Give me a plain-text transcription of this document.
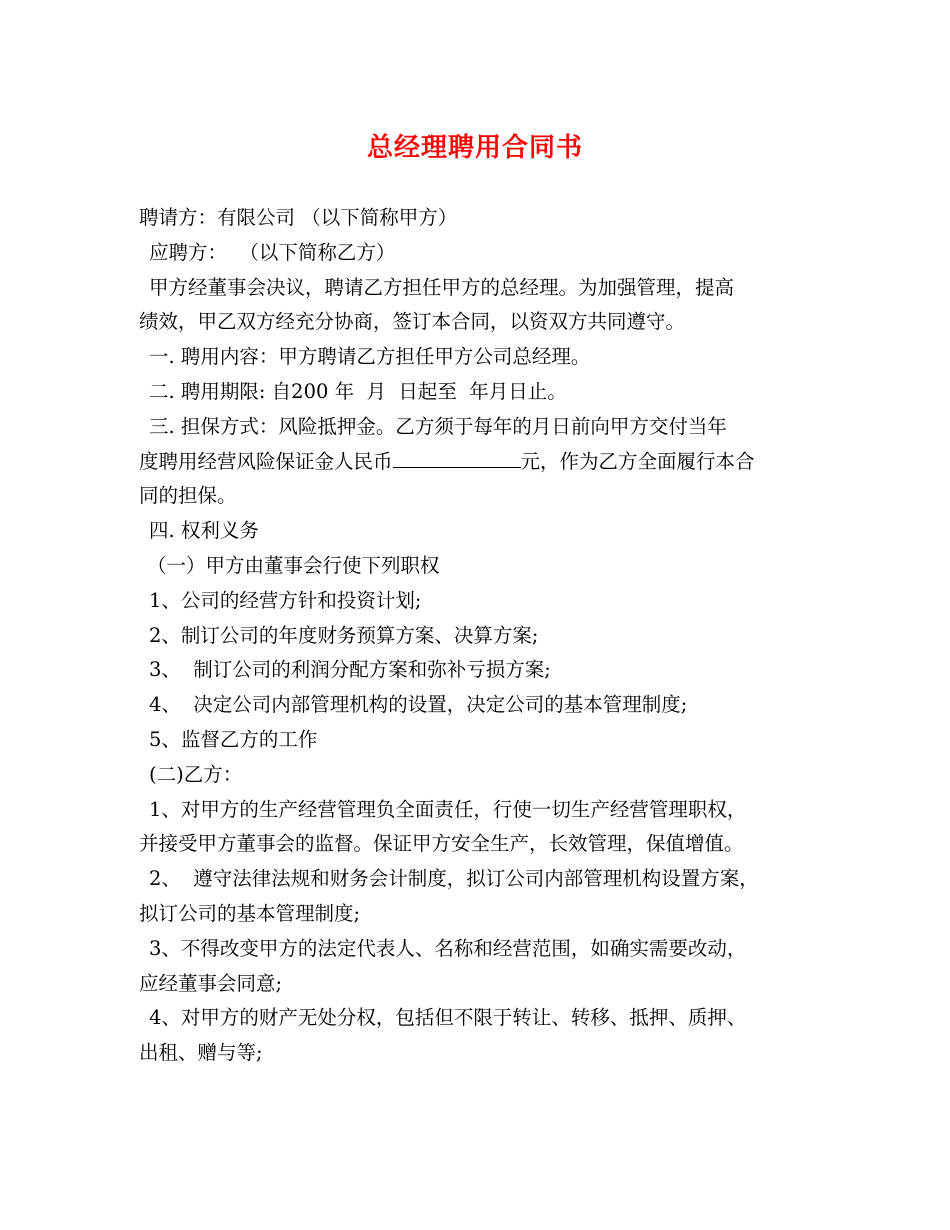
总经理聘用合同书
聘请方：有限公司 （以下简称甲方）
应聘方：  （以下简称乙方）
甲方经董事会决议，聘请乙方担任甲方的总经理。为加强管理，提高
绩效，甲乙双方经充分协商，签订本合同，以资双方共同遵守。
一. 聘用内容：甲方聘请乙方担任甲方公司总经理。
二. 聘用期限: 自200 年  月  日起至  年月日止。
三. 担保方式：风险抵押金。乙方须于每年的月日前向甲方交付当年
度聘用经营风险保证金人民币	元，作为乙方全面履行本合
同的担保。
四. 权利义务
（一）甲方由董事会行使下列职权
1、公司的经营方针和投资计划;
2、制订公司的年度财务预算方案、决算方案;
3、  制订公司的利润分配方案和弥补亏损方案;
4、  决定公司内部管理机构的设置，决定公司的基本管理制度;
5、监督乙方的工作
(二)乙方：
1、对甲方的生产经营管理负全面责任，行使一切生产经营管理职权，
并接受甲方董事会的监督。保证甲方安全生产，长效管理，保值增值。
2、  遵守法律法规和财务会计制度，拟订公司内部管理机构设置方案，
拟订公司的基本管理制度;
3、不得改变甲方的法定代表人、名称和经营范围，如确实需要改动，
应经董事会同意;
4、对甲方的财产无处分权，包括但不限于转让、转移、抵押、质押、
出租、赠与等;
